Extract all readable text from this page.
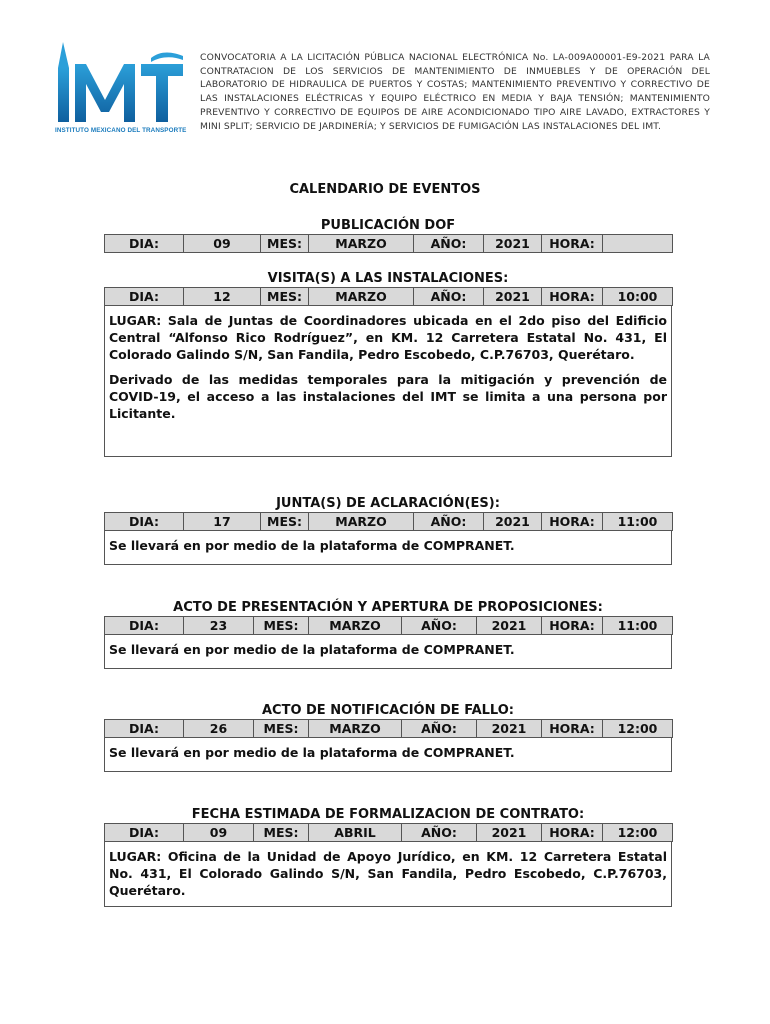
INSTITUTO MEXICANO DEL TRANSPORTE
CONVOCATORIA A LA LICITACIÓN PÚBLICA NACIONAL ELECTRÓNICA No. LA-009A00001-E9-2021 PARA LA CONTRATACION DE LOS SERVICIOS DE MANTENIMIENTO DE INMUEBLES Y DE OPERACIÓN DEL LABORATORIO DE HIDRAULICA DE PUERTOS Y COSTAS; MANTENIMIENTO PREVENTIVO Y CORRECTIVO DE LAS INSTALACIONES ELÉCTRICAS Y EQUIPO ELÉCTRICO EN MEDIA Y BAJA TENSIÓN; MANTENIMIENTO PREVENTIVO Y CORRECTIVO DE EQUIPOS DE AIRE ACONDICIONADO TIPO AIRE LAVADO, EXTRACTORES Y MINI SPLIT; SERVICIO DE JARDINERÍA; Y SERVICIOS DE FUMIGACIÓN LAS INSTALACIONES DEL IMT.
CALENDARIO DE EVENTOS
PUBLICACIÓN DOF
DIA:	09	MES:	MARZO	AÑO:	2021	HORA:	
VISITA(S) A LAS INSTALACIONES:
DIA:	12	MES:	MARZO	AÑO:	2021	HORA:	10:00

LUGAR: Sala de Juntas de Coordinadores ubicada en el 2do piso del Edificio Central “Alfonso Rico Rodríguez”, en KM. 12 Carretera Estatal No. 431, El Colorado Galindo S/N, San Fandila, Pedro Escobedo, C.P.76703, Querétaro.

Derivado de las medidas temporales para la mitigación y prevención de COVID-19, el acceso a las instalaciones del IMT se limita a una persona por Licitante.

JUNTA(S) DE ACLARACIÓN(ES):
DIA:	17	MES:	MARZO	AÑO:	2021	HORA:	11:00

Se llevará en por medio de la plataforma de COMPRANET.

ACTO DE PRESENTACIÓN Y APERTURA DE PROPOSICIONES:
DIA:	23	MES:	MARZO	AÑO:	2021	HORA:	11:00

Se llevará en por medio de la plataforma de COMPRANET.

ACTO DE NOTIFICACIÓN DE FALLO:
DIA:	26	MES:	MARZO	AÑO:	2021	HORA:	12:00

Se llevará en por medio de la plataforma de COMPRANET.

FECHA ESTIMADA DE FORMALIZACION DE CONTRATO:
DIA:	09	MES:	ABRIL	AÑO:	2021	HORA:	12:00

LUGAR: Oficina de la Unidad de Apoyo Jurídico, en KM. 12 Carretera Estatal No. 431, El Colorado Galindo S/N, San Fandila, Pedro Escobedo, C.P.76703, Querétaro.
